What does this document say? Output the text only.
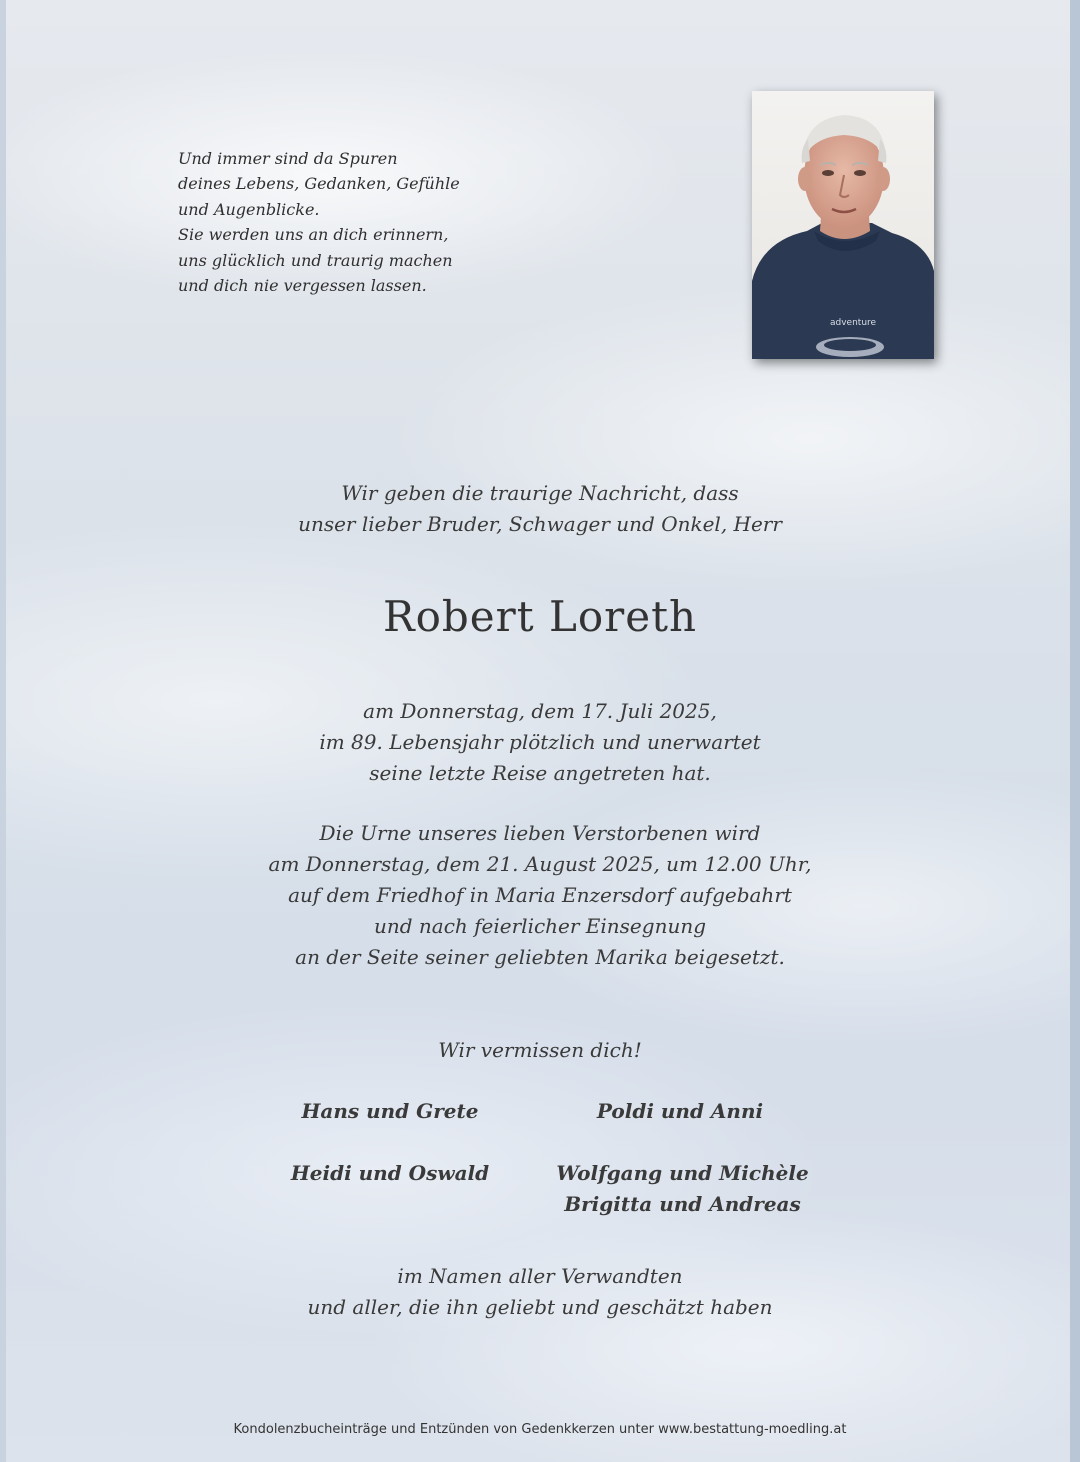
Und immer sind da Spuren
deines Lebens, Gedanken, Gefühle
und Augenblicke.
Sie werden uns an dich erinnern,
uns glücklich und traurig machen
und dich nie vergessen lassen.
adventure
Wir geben die traurige Nachricht, dass
unser lieber Bruder, Schwager und Onkel, Herr
Robert Loreth
am Donnerstag, dem 17. Juli 2025,
im 89. Lebensjahr plötzlich und unerwartet
seine letzte Reise angetreten hat.
Die Urne unseres lieben Verstorbenen wird
am Donnerstag, dem 21. August 2025, um 12.00 Uhr,
auf dem Friedhof in Maria Enzersdorf aufgebahrt
und nach feierlicher Einsegnung
an der Seite seiner geliebten Marika beigesetzt.
Wir vermissen dich!
Hans und Grete	Poldi und Anni
Heidi und Oswald	Wolfgang und Michèle
Brigitta und Andreas
im Namen aller Verwandten
und aller, die ihn geliebt und geschätzt haben
Kondolenzbucheinträge und Entzünden von Gedenkkerzen unter www.bestattung-moedling.at
